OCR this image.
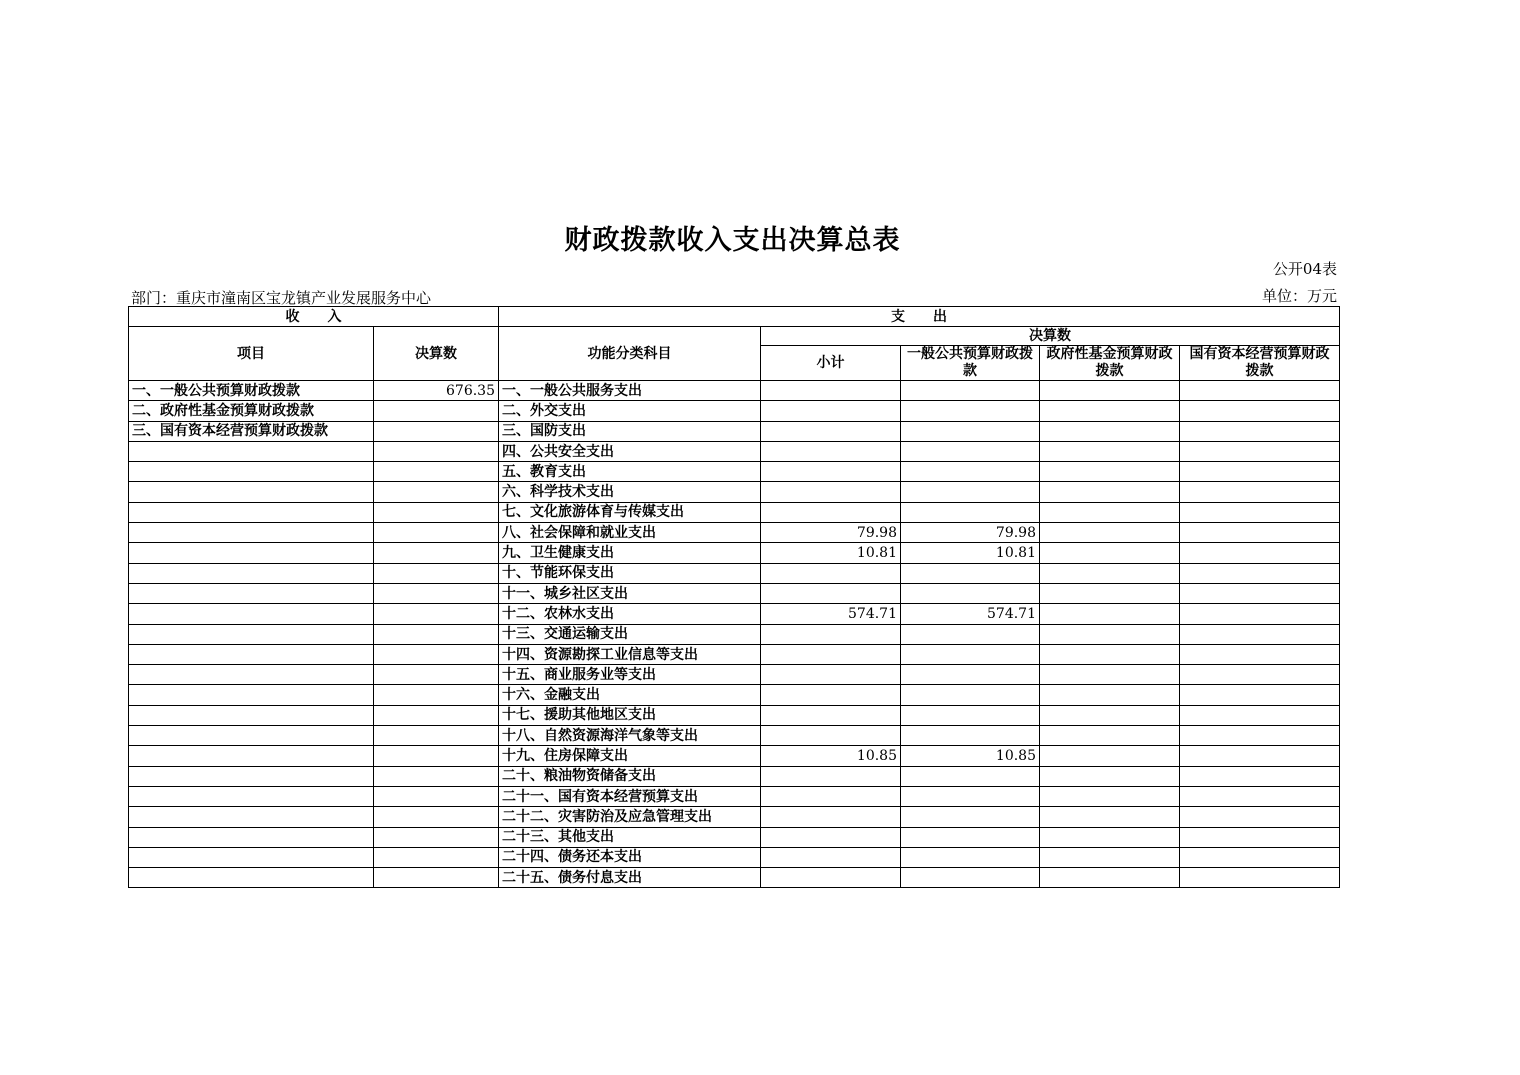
财政拨款收入支出决算总表
公开04表
部门：重庆市潼南区宝龙镇产业发展服务中心	单位：万元
收　　入		支　　出				
项目	决算数	功能分类科目	决算数			
			小计	一般公共预算财政拨款	政府性基金预算财政拨款	国有资本经营预算财政拨款

一、一般公共预算财政拨款	676.35	一、一般公共服务支出				
二、政府性基金预算财政拨款		二、外交支出				
三、国有资本经营预算财政拨款		三、国防支出				
		四、公共安全支出				
		五、教育支出				
		六、科学技术支出				
		七、文化旅游体育与传媒支出				
		八、社会保障和就业支出	79.98	79.98		
		九、卫生健康支出	10.81	10.81		
		十、节能环保支出				
		十一、城乡社区支出				
		十二、农林水支出	574.71	574.71		
		十三、交通运输支出				
		十四、资源勘探工业信息等支出				
		十五、商业服务业等支出				
		十六、金融支出				
		十七、援助其他地区支出				
		十八、自然资源海洋气象等支出				
		十九、住房保障支出	10.85	10.85		
		二十、粮油物资储备支出				
		二十一、国有资本经营预算支出				
		二十二、灾害防治及应急管理支出				
		二十三、其他支出				
		二十四、债务还本支出				
		二十五、债务付息支出				
